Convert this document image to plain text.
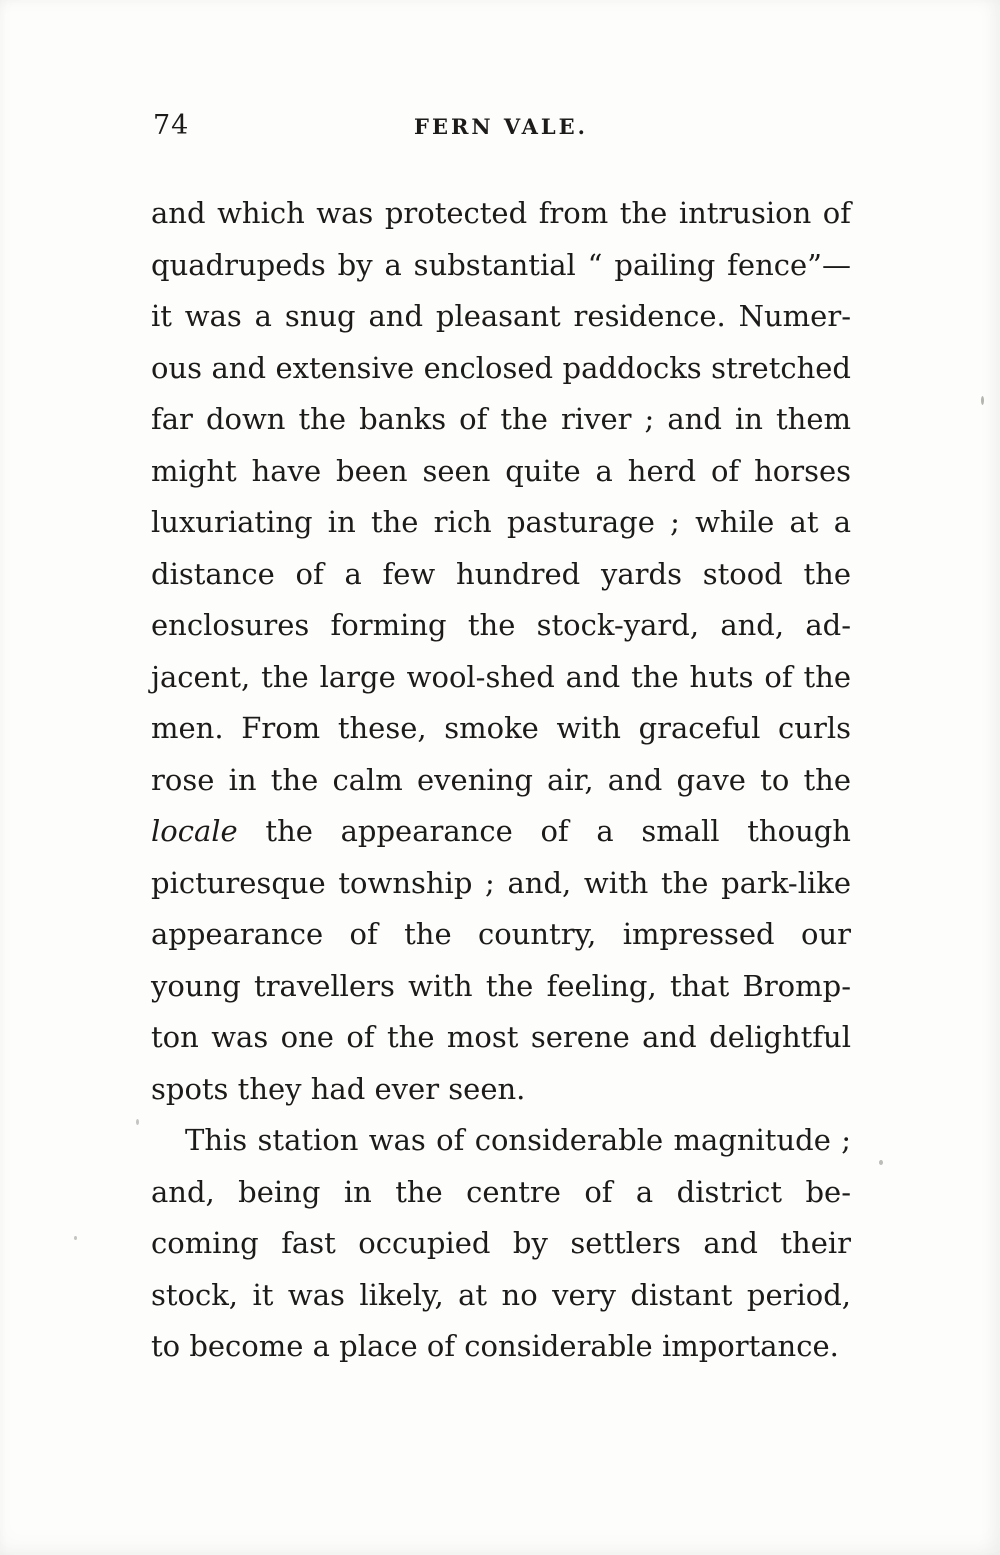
74	FERN VALE.
and which was protected from the intrusion of
quadrupeds by a substantial “ pailing fence”—
it was a snug and pleasant residence. Numer-
ous and extensive enclosed paddocks stretched
far down the banks of the river ; and in them
might have been seen quite a herd of horses
luxuriating in the rich pasturage ; while at a
distance of a few hundred yards stood the
enclosures forming the stock-yard, and, ad-
jacent, the large wool-shed and the huts of the
men. From these, smoke with graceful curls
rose in the calm evening air, and gave to the
locale the appearance of a small though
picturesque township ; and, with the park-like
appearance of the country, impressed our
young travellers with the feeling, that Bromp-
ton was one of the most serene and delightful
spots they had ever seen.
This station was of considerable magnitude ;
and, being in the centre of a district be-
coming fast occupied by settlers and their
stock, it was likely, at no very distant period,
to become a place of considerable importance.
